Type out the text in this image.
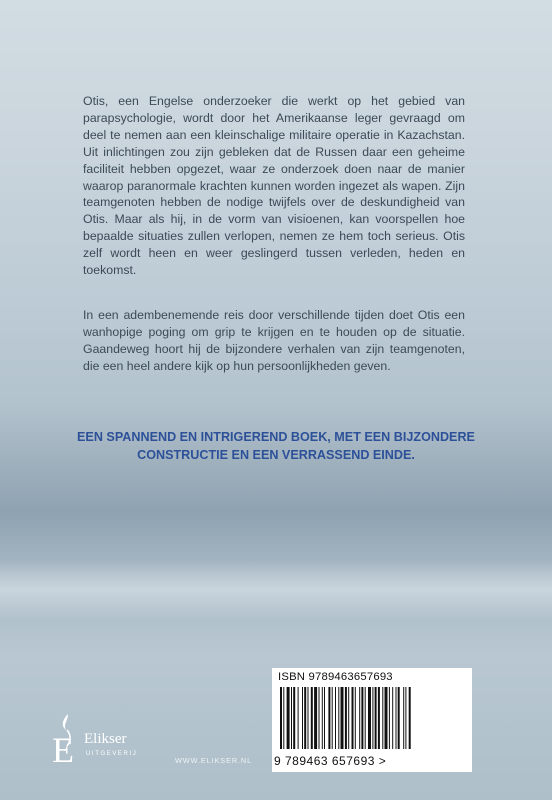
Otis, een Engelse onderzoeker die werkt op het gebied van parapsychologie, wordt door het Amerikaanse leger gevraagd om deel te nemen aan een kleinschalige militaire operatie in Kazachstan. Uit inlichtingen zou zijn gebleken dat de Russen daar een geheime faciliteit hebben opgezet, waar ze onderzoek doen naar de manier waarop paranormale krachten kunnen worden ingezet als wapen. Zijn teamgenoten hebben de nodige twijfels over de deskundigheid van Otis. Maar als hij, in de vorm van visioenen, kan voorspellen hoe bepaalde situaties zullen verlopen, nemen ze hem toch serieus. Otis zelf wordt heen en weer geslingerd tussen verleden, heden en toekomst.

In een adembenemende reis door verschillende tijden doet Otis een wanhopige poging om grip te krijgen en te houden op de situatie. Gaandeweg hoort hij de bijzondere verhalen van zijn teamgenoten, die een heel andere kijk op hun persoonlijkheden geven.

EEN SPANNEND EN INTRIGEREND BOEK, MET EEN BIJZONDERE CONSTRUCTIE EN EEN VERRASSEND EINDE.

ISBN 9789463657693
9 789463 657693 >
E Elikser
UITGEVERIJ
WWW.ELIKSER.NL
